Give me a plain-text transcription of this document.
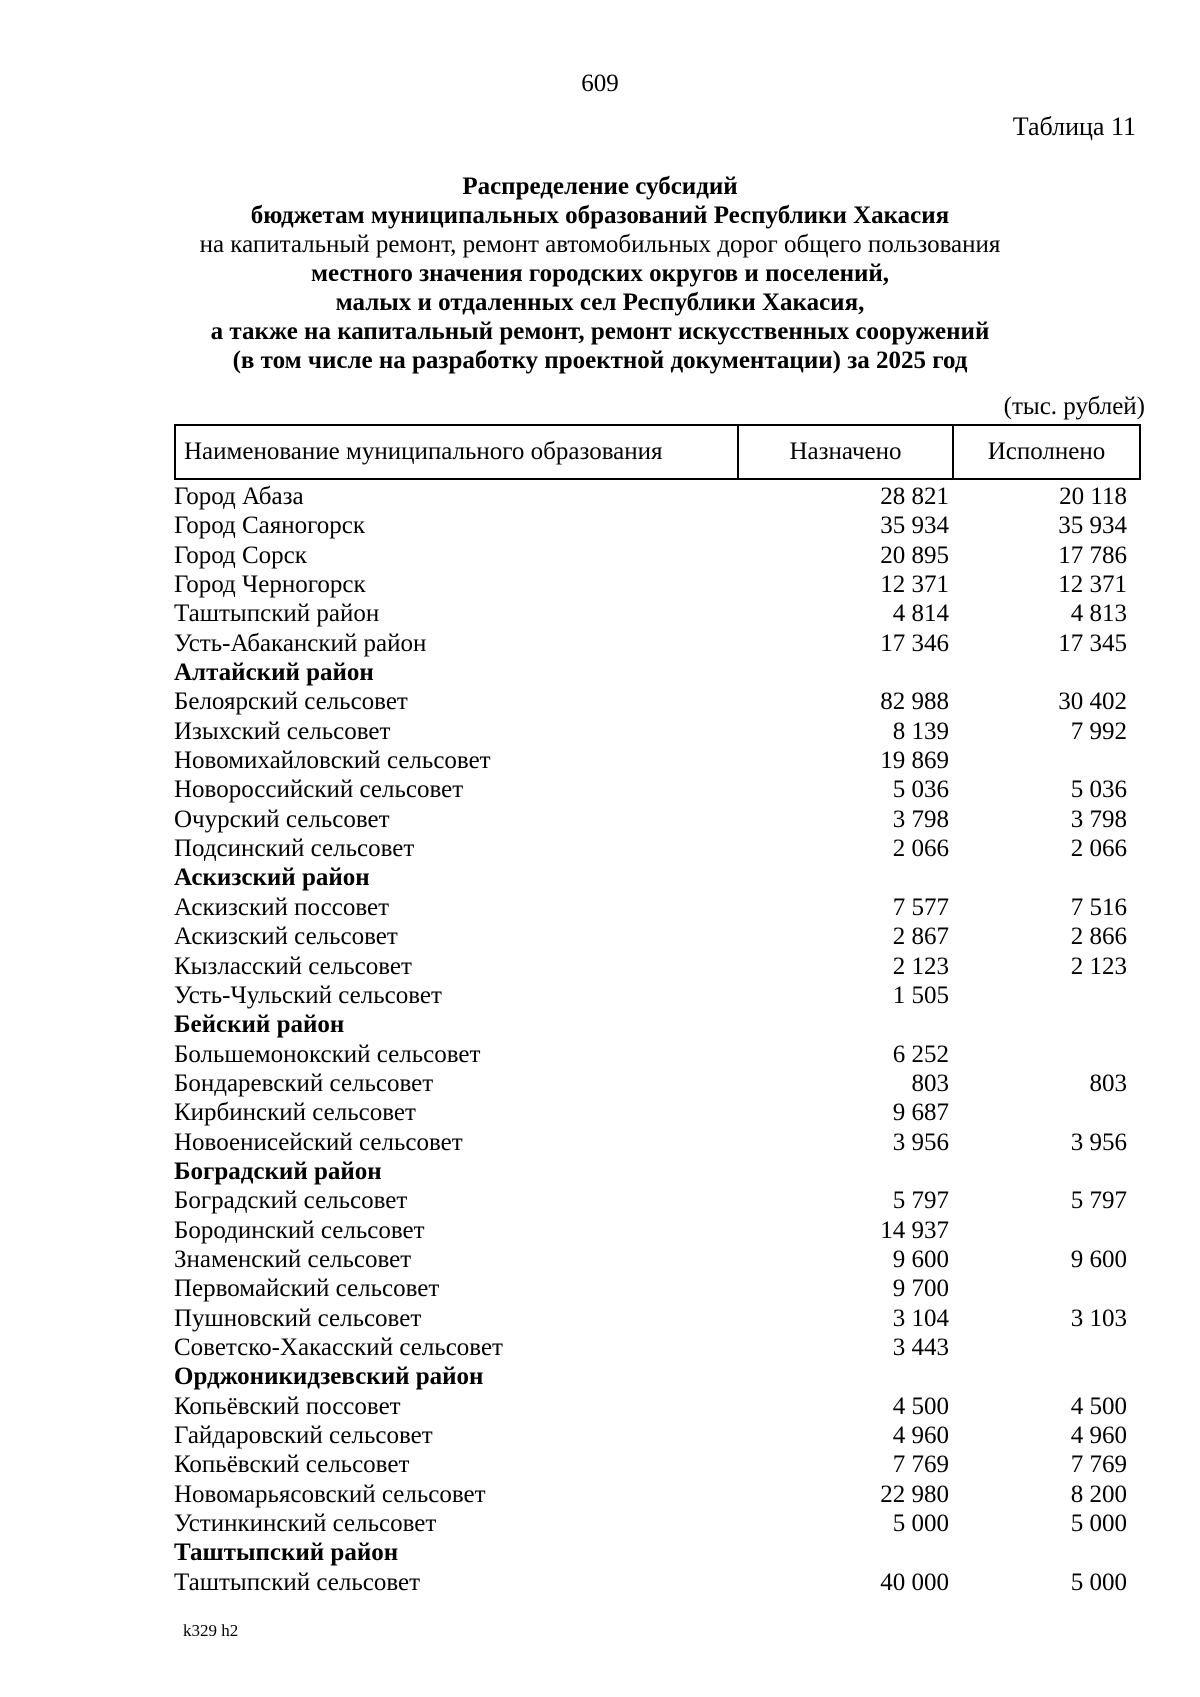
609
Таблица 11
Распределение субсидий
бюджетам муниципальных образований Республики Хакасия
на капитальный ремонт, ремонт автомобильных дорог общего пользования
местного значения городских округов и поселений,
малых и отдаленных сел Республики Хакасия,
а также на капитальный ремонт, ремонт искусственных сооружений
(в том числе на разработку проектной документации) за 2025 год
(тыс. рублей)
Наименование муниципального образования	Назначено	Исполнено
Город Абаза	28 821	20 118
Город Саяногорск	35 934	35 934
Город Сорск	20 895	17 786
Город Черногорск	12 371	12 371
Таштыпский район	4 814	4 813
Усть-Абаканский район	17 346	17 345
Алтайский район
Белоярский сельсовет	82 988	30 402
Изыхский сельсовет	8 139	7 992
Новомихайловский сельсовет	19 869
Новороссийский сельсовет	5 036	5 036
Очурский сельсовет	3 798	3 798
Подсинский сельсовет	2 066	2 066
Аскизский район
Аскизский поссовет	7 577	7 516
Аскизский сельсовет	2 867	2 866
Кызласский сельсовет	2 123	2 123
Усть-Чульский сельсовет	1 505
Бейский район
Большемонокский сельсовет	6 252
Бондаревский сельсовет	803	803
Кирбинский сельсовет	9 687
Новоенисейский сельсовет	3 956	3 956
Боградский район
Боградский сельсовет	5 797	5 797
Бородинский сельсовет	14 937
Знаменский сельсовет	9 600	9 600
Первомайский сельсовет	9 700
Пушновский сельсовет	3 104	3 103
Советско-Хакасский сельсовет	3 443
Орджоникидзевский район
Копьёвский поссовет	4 500	4 500
Гайдаровский сельсовет	4 960	4 960
Копьёвский сельсовет	7 769	7 769
Новомарьясовский сельсовет	22 980	8 200
Устинкинский сельсовет	5 000	5 000
Таштыпский район
Таштыпский сельсовет	40 000	5 000
k329 h2
